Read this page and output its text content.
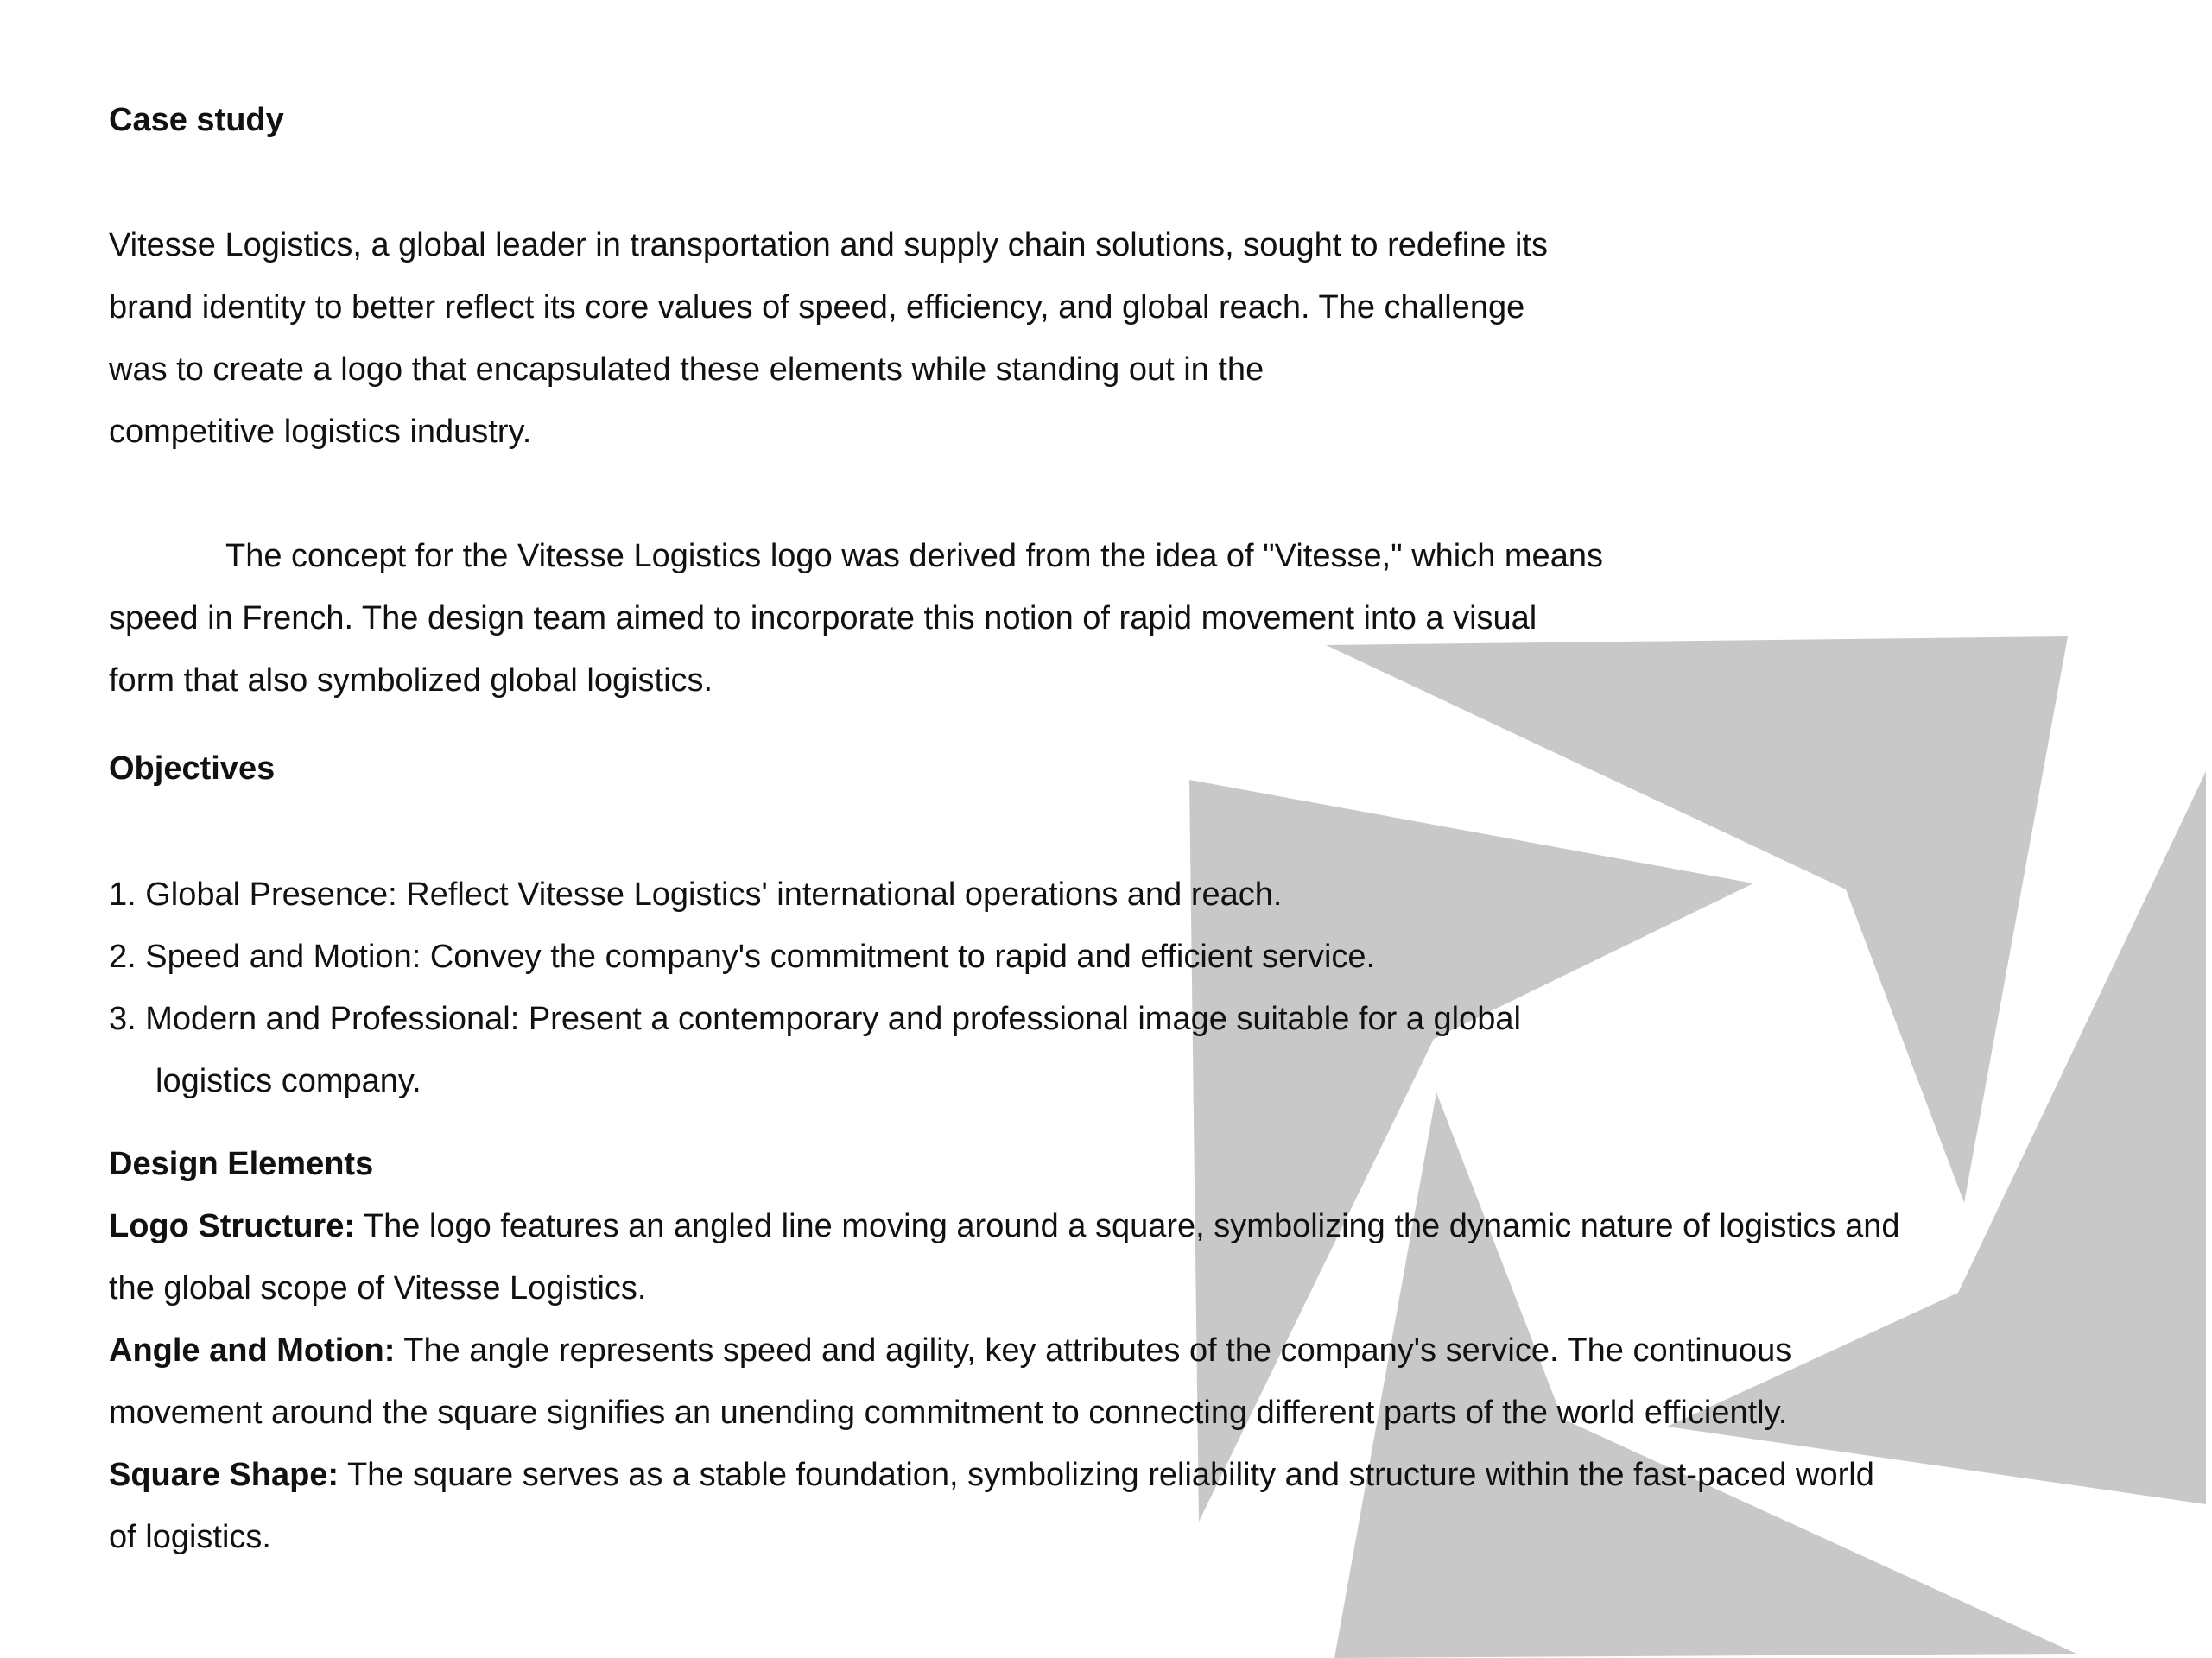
Case study

Vitesse Logistics, a global leader in transportation and supply chain solutions, sought to redefine its

brand identity to better reflect its core values of speed, efficiency, and global reach. The challenge

was to create a logo that encapsulated these elements while standing out in the

competitive logistics industry.

The concept for the Vitesse Logistics logo was derived from the idea of "Vitesse," which means

speed in French. The design team aimed to incorporate this notion of rapid movement into a visual

form that also symbolized global logistics.

Objectives

1. Global Presence: Reflect Vitesse Logistics' international operations and reach.

2. Speed and Motion: Convey the company's commitment to rapid and efficient service.

3. Modern and Professional: Present a contemporary and professional image suitable for a global

logistics company.

Design Elements

Logo Structure: The logo features an angled line moving around a square, symbolizing the dynamic nature of logistics and

the global scope of Vitesse Logistics.

Angle and Motion: The angle represents speed and agility, key attributes of the company's service. The continuous

movement around the square signifies an unending commitment to connecting different parts of the world efficiently.

Square Shape: The square serves as a stable foundation, symbolizing reliability and structure within the fast-paced world

of logistics.
